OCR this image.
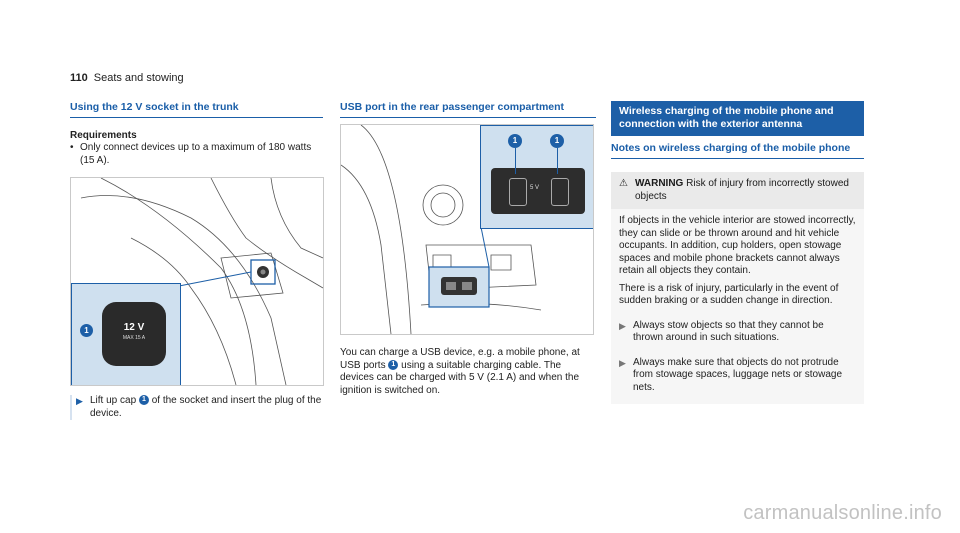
110 Seats and stowing
Using the 12 V socket in the trunk
Requirements
• Only connect devices up to a maximum of 180 watts (15 A).
12 V
MAX 15 A
1
▶ Lift up cap 1 of the socket and insert the plug of the device.
USB port in the rear passenger compartment
5 V
1	1
You can charge a USB device, e.g. a mobile phone, at USB ports 1 using a suitable charging cable. The devices can be charged with 5 V (2.1 A) and when the ignition is switched on.
Wireless charging of the mobile phone and connection with the exterior antenna
Notes on wireless charging of the mobile phone
⚠ WARNING Risk of injury from incorrectly stowed objects
If objects in the vehicle interior are stowed incorrectly, they can slide or be thrown around and hit vehicle occupants. In addition, cup holders, open stowage spaces and mobile phone brackets cannot always retain all objects they contain.
There is a risk of injury, particularly in the event of sudden braking or a sudden change in direction.
▶ Always stow objects so that they cannot be thrown around in such situations.
▶ Always make sure that objects do not protrude from stowage spaces, luggage nets or stowage nets.
carmanualsonline.info
